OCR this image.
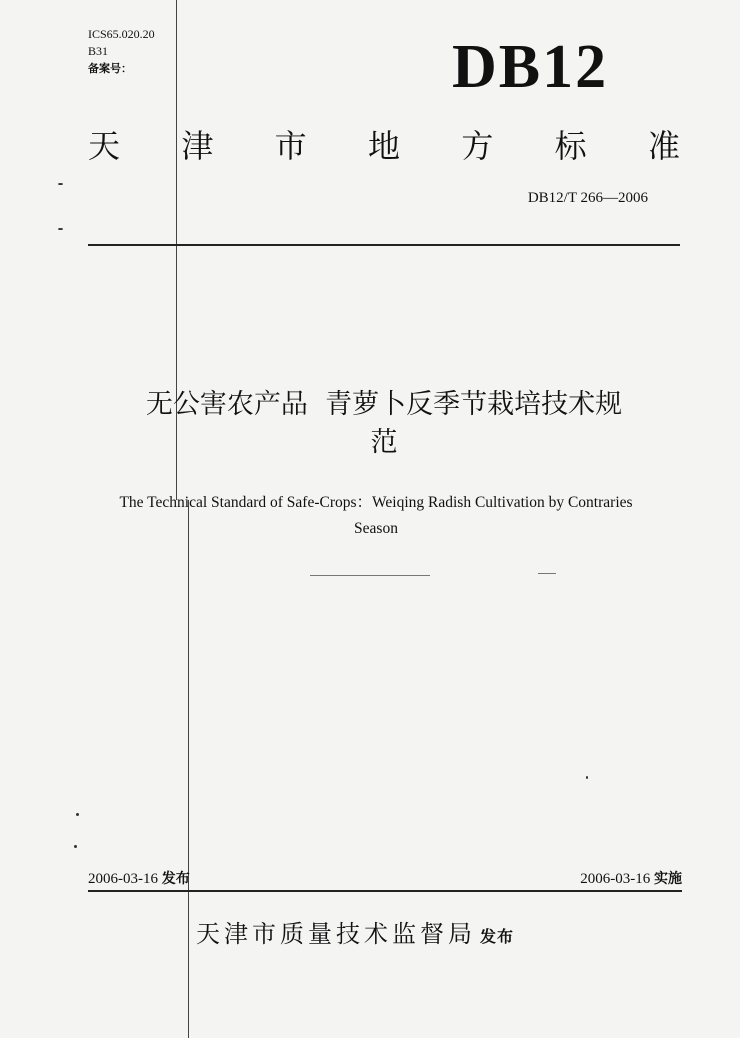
ICS65.020.20
B31
备案号：	DB12
天 津 市 地 方 标 准
DB12/T 266—2006
无公害农产品  青萝卜反季节栽培技术规
范
The Technical Standard of Safe-Crops：Weiqing Radish Cultivation by Contraries
Season
2006-03-16 发布	2006-03-16 实施
天津市质量技术监督局 发布
